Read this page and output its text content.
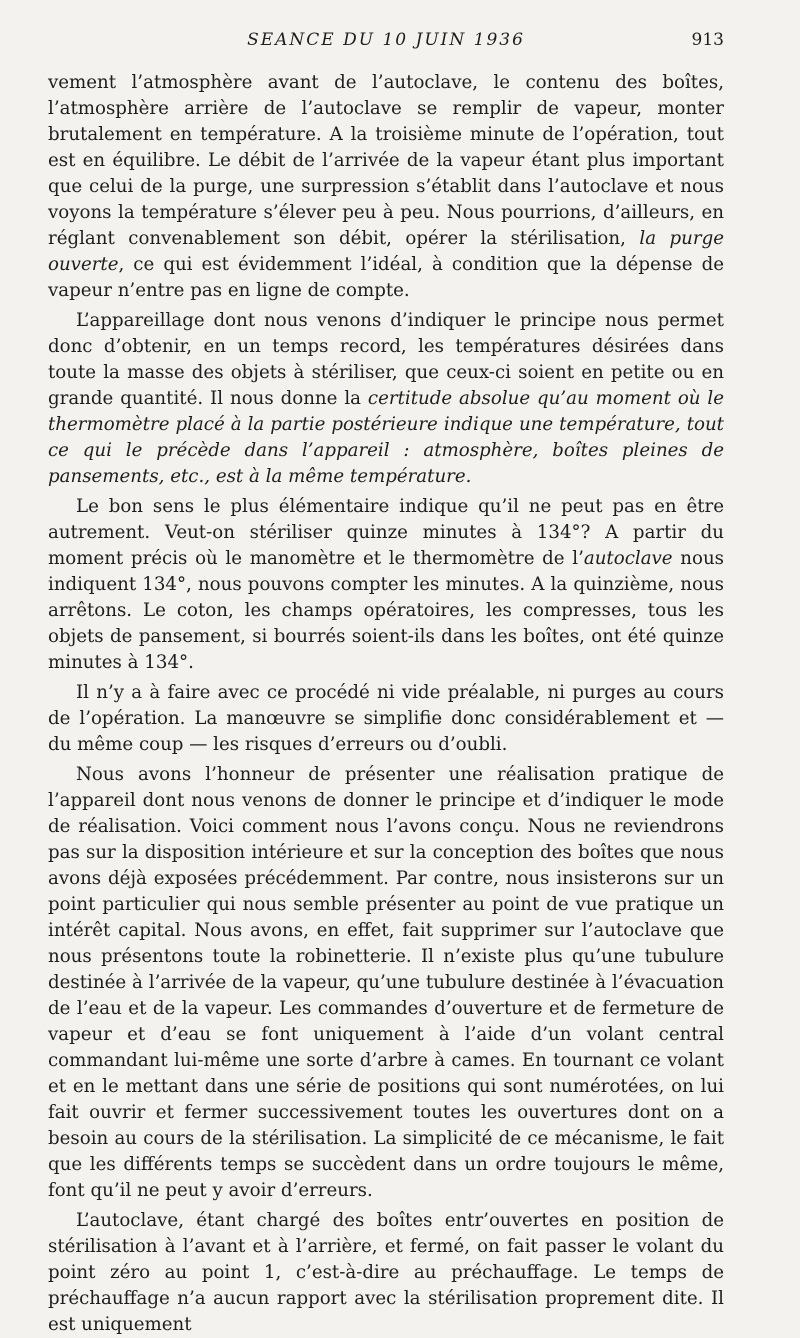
SEANCE DU 10 JUIN 1936	913

vement l’atmosphère avant de l’autoclave, le contenu des boîtes, l’atmosphère arrière de l’autoclave se remplir de vapeur, monter brutalement en température. A la troisième minute de l’opération, tout est en équilibre. Le débit de l’arrivée de la vapeur étant plus important que celui de la purge, une surpression s’établit dans l’autoclave et nous voyons la température s’élever peu à peu. Nous pourrions, d’ailleurs, en réglant convenablement son débit, opérer la stérilisation, la purge ouverte, ce qui est évidemment l’idéal, à condition que la dépense de vapeur n’entre pas en ligne de compte.

L’appareillage dont nous venons d’indiquer le principe nous permet donc d’obtenir, en un temps record, les températures désirées dans toute la masse des objets à stériliser, que ceux-ci soient en petite ou en grande quantité. Il nous donne la certitude absolue qu’au moment où le thermomètre placé à la partie postérieure indique une température, tout ce qui le précède dans l’appareil : atmosphère, boîtes pleines de pansements, etc., est à la même température.

Le bon sens le plus élémentaire indique qu’il ne peut pas en être autrement. Veut-on stériliser quinze minutes à 134°? A partir du moment précis où le manomètre et le thermomètre de l’autoclave nous indiquent 134°, nous pouvons compter les minutes. A la quinzième, nous arrêtons. Le coton, les champs opératoires, les compresses, tous les objets de pansement, si bourrés soient-ils dans les boîtes, ont été quinze minutes à 134°.

Il n’y a à faire avec ce procédé ni vide préalable, ni purges au cours de l’opération. La manœuvre se simplifie donc considérablement et — du même coup — les risques d’erreurs ou d’oubli.

Nous avons l’honneur de présenter une réalisation pratique de l’appareil dont nous venons de donner le principe et d’indiquer le mode de réalisation. Voici comment nous l’avons conçu. Nous ne reviendrons pas sur la disposition intérieure et sur la conception des boîtes que nous avons déjà exposées précédemment. Par contre, nous insisterons sur un point particulier qui nous semble présenter au point de vue pratique un intérêt capital. Nous avons, en effet, fait supprimer sur l’autoclave que nous présentons toute la robinetterie. Il n’existe plus qu’une tubulure destinée à l’arrivée de la vapeur, qu’une tubulure destinée à l’évacuation de l’eau et de la vapeur. Les commandes d’ouverture et de fermeture de vapeur et d’eau se font uniquement à l’aide d’un volant central commandant lui-même une sorte d’arbre à cames. En tournant ce volant et en le mettant dans une série de positions qui sont numérotées, on lui fait ouvrir et fermer successivement toutes les ouvertures dont on a besoin au cours de la stérilisation. La simplicité de ce mécanisme, le fait que les différents temps se succèdent dans un ordre toujours le même, font qu’il ne peut y avoir d’erreurs.

L’autoclave, étant chargé des boîtes entr’ouvertes en position de stérilisation à l’avant et à l’arrière, et fermé, on fait passer le volant du point zéro au point 1, c’est-à-dire au préchauffage. Le temps de préchauffage n’a aucun rapport avec la stérilisation proprement dite. Il est uniquement
